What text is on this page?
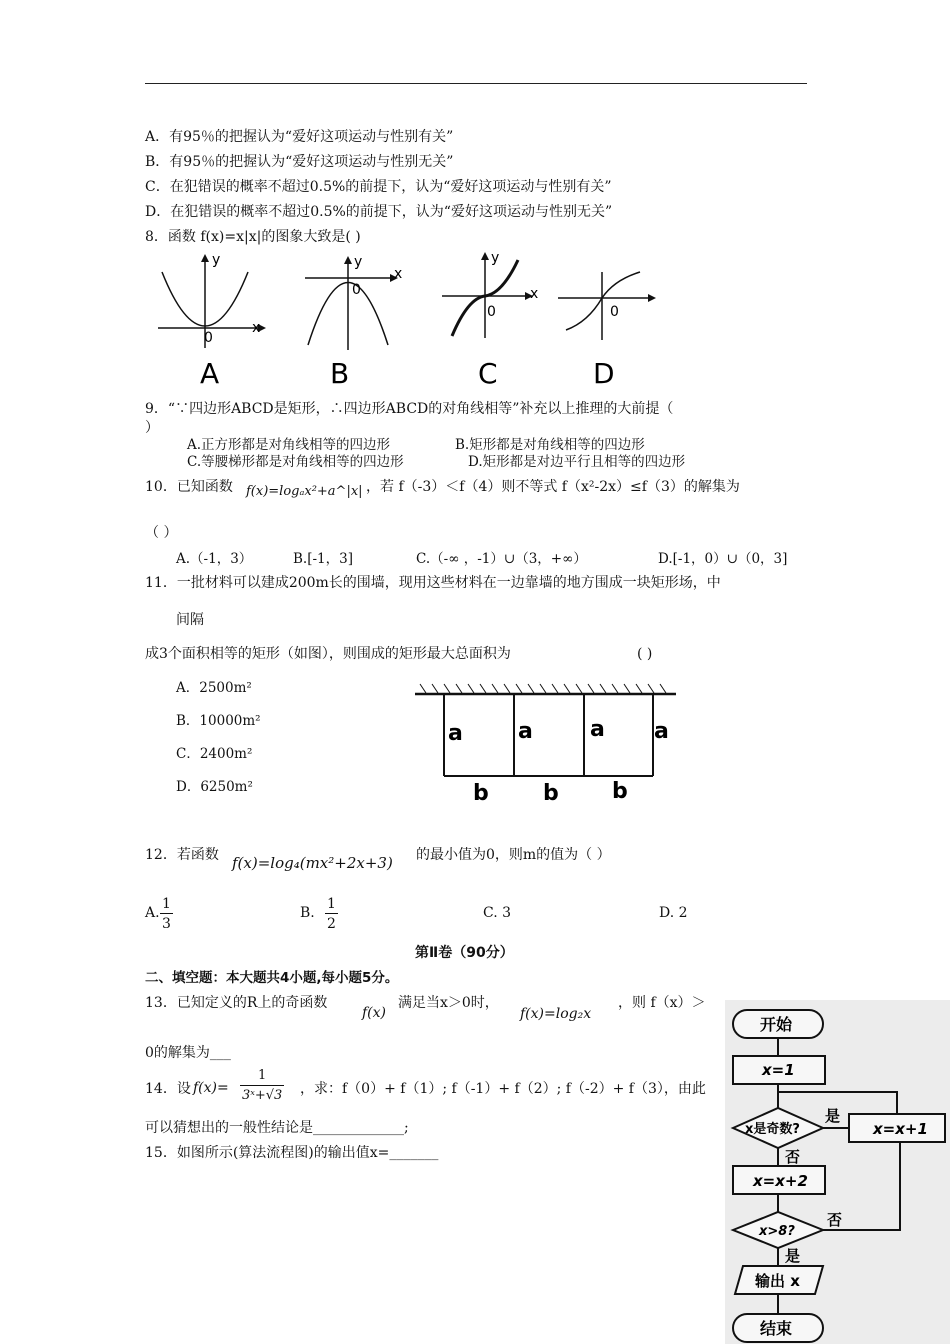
A．有95％的把握认为“爱好这项运动与性别有关”
B．有95％的把握认为“爱好这项运动与性别无关”
C．在犯错误的概率不超过0.5%的前提下，认为“爱好这项运动与性别有关”
D．在犯错误的概率不超过0.5%的前提下，认为“爱好这项运动与性别无关”
8．函数 f(x)=x|x|的图象大致是( )
y
x
0
A
y
x
0
B
y
x
0
C
0
D
9．“∵四边形ABCD是矩形，∴四边形ABCD的对角线相等”补充以上推理的大前提（
）
A.正方形都是对角线相等的四边形	B.矩形都是对角线相等的四边形
C.等腰梯形都是对角线相等的四边形	D.矩形都是对边平行且相等的四边形
10．已知函数 f(x)=logₐx²+a^|x| ，若 f（-3）＜f（4）则不等式 f（x²-2x）≤f（3）的解集为
（ ）
A.（-1，3）	B.[-1，3]	C.（-∞ ，-1）∪（3，+∞）	D.[-1，0）∪（0，3]
11．一批材料可以建成200m长的围墙，现用这些材料在一边靠墙的地方围成一块矩形场，中
间隔
成3个面积相等的矩形（如图），则围成的矩形最大总面积为	( )
A．2500m²
B．10000m²
C．2400m²
D．6250m²
a	a	a a
b b b
12．若函数 f(x)=log₄(mx²+2x+3) 的最小值为0，则m的值为（ ）
A.
1
3
B.
1
2
C. 3	D. 2
第Ⅱ卷（90分）
二、填空题：本大题共4小题,每小题5分。
13．已知定义的R上的奇函数
f(x)
满足当x＞0时，
f(x)=log₂x
，则 f（x）＞
0的解集为___
14．设 f(x)=
1
3ˣ+√3 ，求：f（0）+ f（1）; f（-1）+ f（2）; f（-2）+ f（3），由此
可以猜想出的一般性结论是_____________;
15．如图所示(算法流程图)的输出值x=_______
开始
x=1
x是奇数?
是
x=x+1
否
x=x+2
x>8?
否
是
输出 x
结束
